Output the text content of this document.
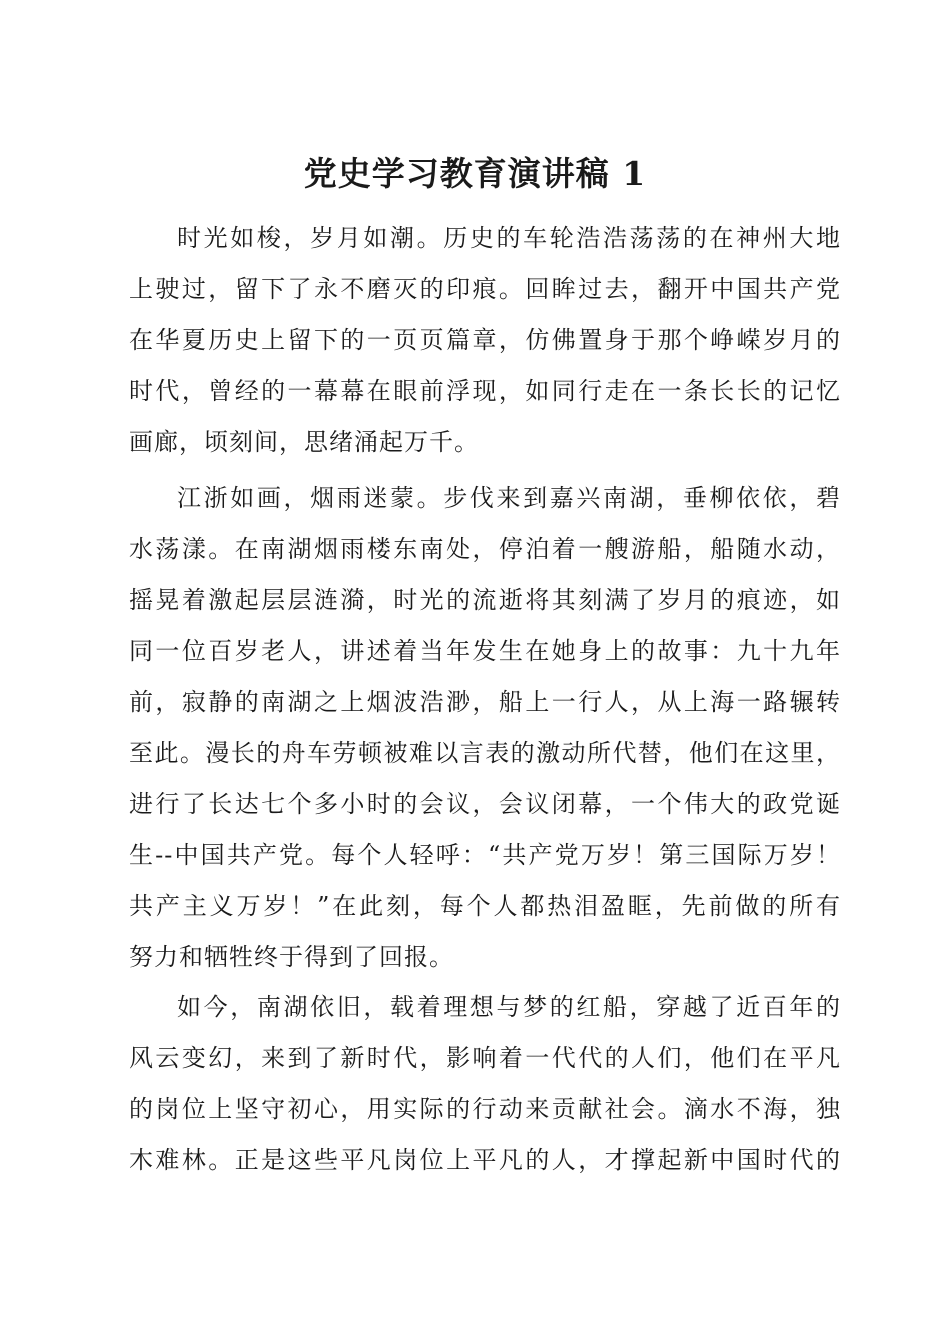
党史学习教育演讲稿 1
时光如梭，岁月如潮。历史的车轮浩浩荡荡的在神州大地
上驶过，留下了永不磨灭的印痕。回眸过去，翻开中国共产党
在华夏历史上留下的一页页篇章，仿佛置身于那个峥嵘岁月的
时代，曾经的一幕幕在眼前浮现，如同行走在一条长长的记忆
画廊，顷刻间，思绪涌起万千。
江浙如画，烟雨迷蒙。步伐来到嘉兴南湖，垂柳依依，碧
水荡漾。在南湖烟雨楼东南处，停泊着一艘游船，船随水动，
摇晃着激起层层涟漪，时光的流逝将其刻满了岁月的痕迹，如
同一位百岁老人，讲述着当年发生在她身上的故事：九十九年
前，寂静的南湖之上烟波浩渺，船上一行人，从上海一路辗转
至此。漫长的舟车劳顿被难以言表的激动所代替，他们在这里，
进行了长达七个多小时的会议，会议闭幕，一个伟大的政党诞
生--中国共产党。每个人轻呼：“共产党万岁！第三国际万岁！
共产主义万岁！”在此刻，每个人都热泪盈眶，先前做的所有
努力和牺牲终于得到了回报。
如今，南湖依旧，载着理想与梦的红船，穿越了近百年的
风云变幻，来到了新时代，影响着一代代的人们，他们在平凡
的岗位上坚守初心，用实际的行动来贡献社会。滴水不海，独
木难林。正是这些平凡岗位上平凡的人，才撑起新中国时代的
